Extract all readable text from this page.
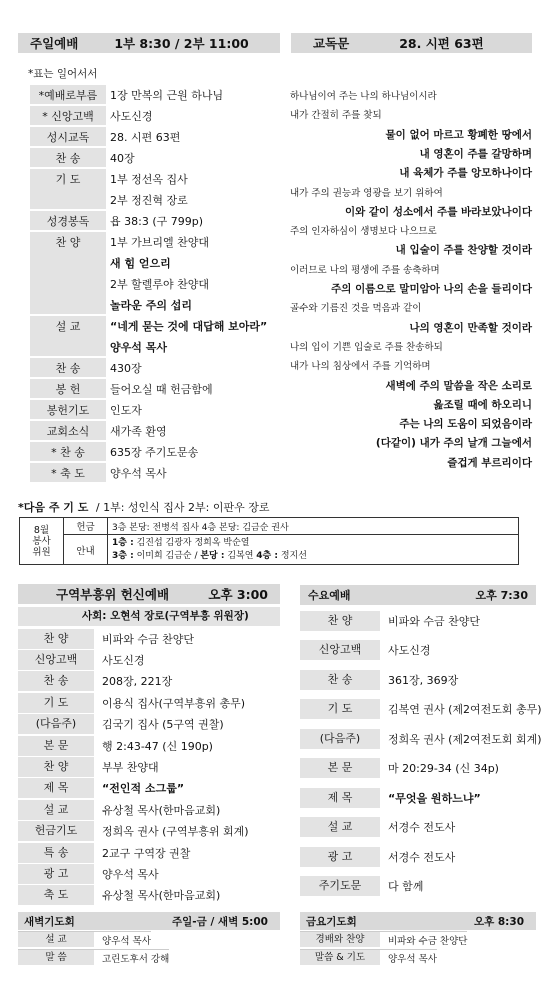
주일예배	1부 8:30 / 2부 11:00	교독문	28. 시편 63편
*표는 일어서서
*예배로부름	1장 만복의 근원 하나님
* 신앙고백	사도신경
성시교독	28. 시편 63편
찬 송	40장
기 도	1부 정선옥 집사
2부 정진혁 장로
성경봉독	욥 38:3 (구 799p)
찬 양	1부 가브리엘 찬양대
새 힘 얻으리
2부 할렐루야 찬양대
놀라운 주의 섭리
설 교	“네게 묻는 것에 대답해 보아라”
양우석 목사
찬 송	430장
봉 헌	들어오실 때 헌금함에
봉헌기도	인도자
교회소식	새가족 환영
* 찬 송	635장 주기도문송
* 축 도	양우석 목사
하나님이여 주는 나의 하나님이시라
내가 간절히 주를 찾되
물이 없어 마르고 황폐한 땅에서
내 영혼이 주를 갈망하며
내 육체가 주를 앙모하나이다
내가 주의 권능과 영광을 보기 위하여
이와 같이 성소에서 주를 바라보았나이다
주의 인자하심이 생명보다 나으므로
내 입술이 주를 찬양할 것이라
이러므로 나의 평생에 주를 송축하며
주의 이름으로 말미암아 나의 손을 들리이다
골수와 기름진 것을 먹음과 같이
나의 영혼이 만족할 것이라
나의 입이 기쁜 입술로 주를 찬송하되
내가 나의 침상에서 주를 기억하며
새벽에 주의 말씀을 작은 소리로
읊조릴 때에 하오리니
주는 나의 도움이 되었음이라
(다같이) 내가 주의 날개 그늘에서
즐겁게 부르리이다
*다음 주 기 도 / 1부: 성인식 집사 2부: 이판우 장로
8월
봉사
위원	헌금	3층 본당: 전병석 집사 4층 본당: 김금순 권사
	안내	1층 : 김진섭 김광자 정희옥 박순열
3층 : 이미희 김금순 / 본당 : 김복연 4층 : 정지선
구역부흥위 헌신예배	오후 3:00
사회: 오현석 장로(구역부흥 위원장)
찬 양	비파와 수금 찬양단
신앙고백	사도신경
찬 송	208장, 221장
기 도	이용식 집사(구역부흥위 총무)
(다음주)	김국기 집사 (5구역 권찰)
본 문	행 2:43-47 (신 190p)
찬 양	부부 찬양대
제 목	“전인적 소그룹”
설 교	유상철 목사(한마음교회)
헌금기도	정희옥 권사 (구역부흥위 회계)
특 송	2교구 구역장 권찰
광 고	양우석 목사
축 도	유상철 목사(한마음교회)
수요예배	오후 7:30
찬 양	비파와 수금 찬양단
신앙고백	사도신경
찬 송	361장, 369장
기 도	김복연 권사 (제2여전도회 총무)
(다음주)	정희옥 권사 (제2여전도회 회계)
본 문	마 20:29-34 (신 34p)
제 목	“무엇을 원하느냐”
설 교	서경수 전도사
광 고	서경수 전도사
주기도문	다 함께
새벽기도회	주일-금 / 새벽 5:00
설 교	양우석 목사
말 씀	고린도후서 강해
금요기도회	오후 8:30
경배와 찬양	비파와 수금 찬양단
말씀 & 기도	양우석 목사
